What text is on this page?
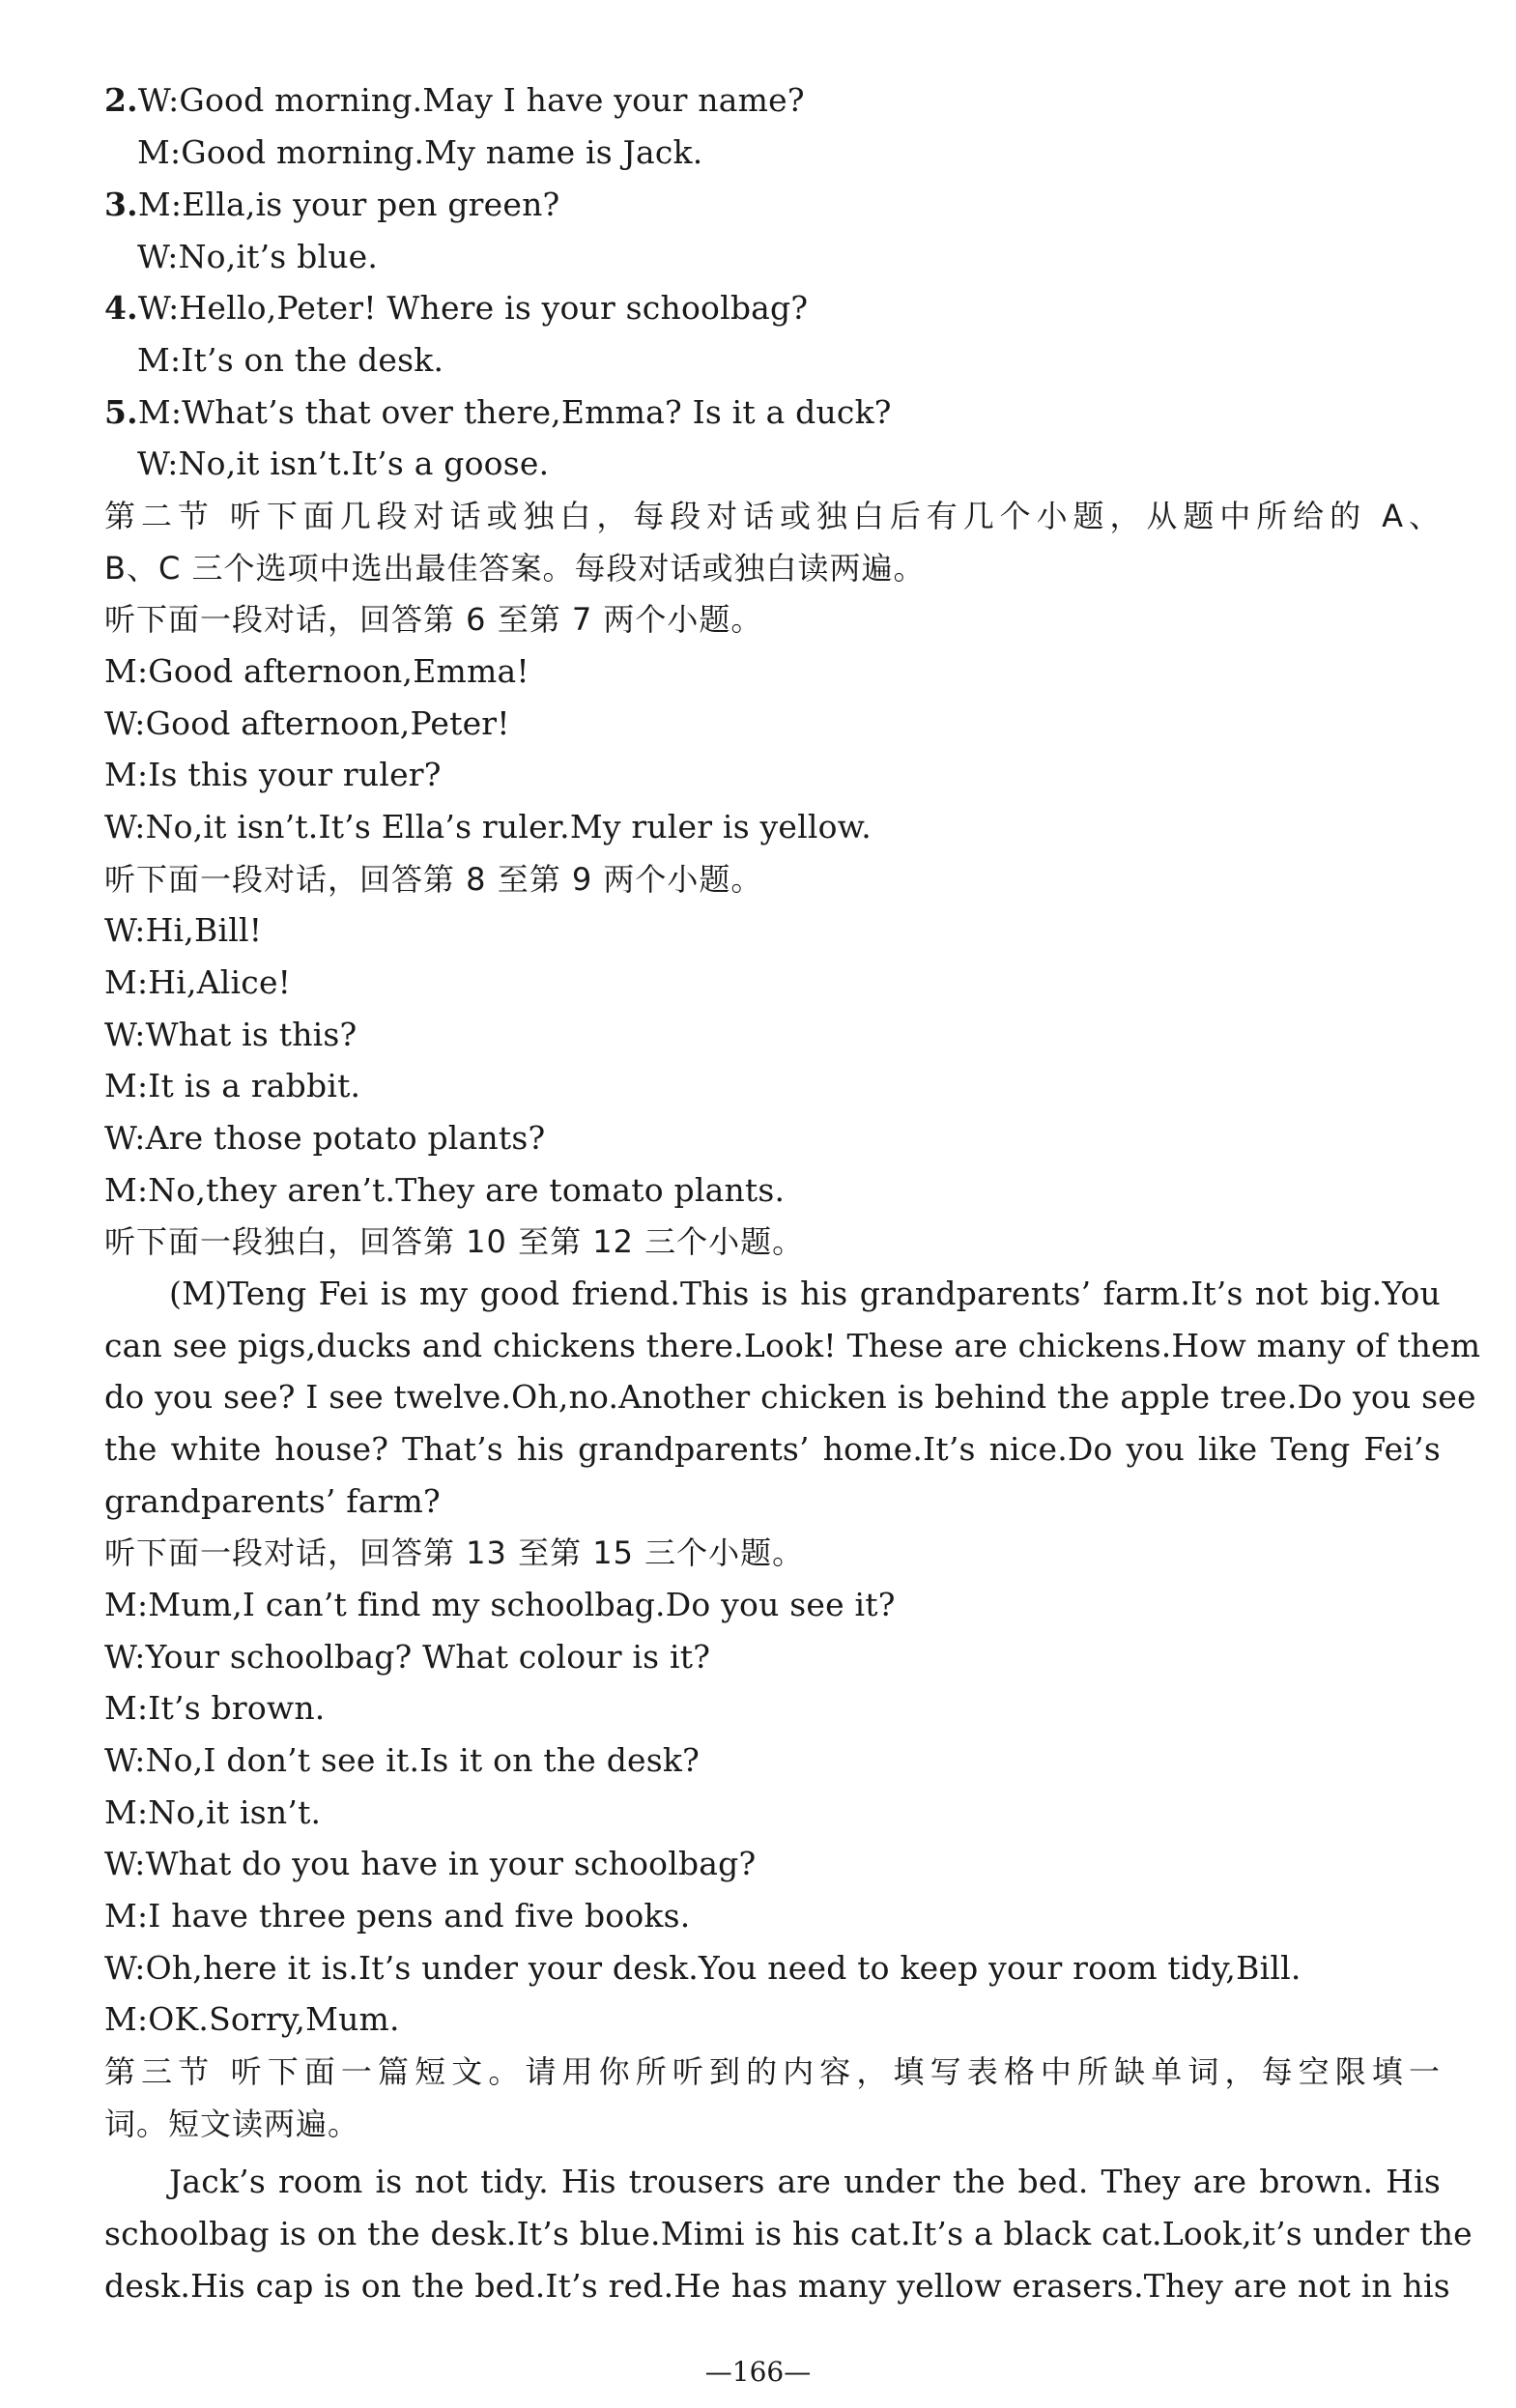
2.W:Good morning.May I have your name?
M:Good morning.My name is Jack.
3.M:Ella,is your pen green?
W:No,it’s blue.
4.W:Hello,Peter! Where is your schoolbag?
M:It’s on the desk.
5.M:What’s that over there,Emma? Is it a duck?
W:No,it isn’t.It’s a goose.
第二节 听下面几段对话或独白，每段对话或独白后有几个小题，从题中所给的 A、
B、C 三个选项中选出最佳答案。每段对话或独白读两遍。
听下面一段对话，回答第 6 至第 7 两个小题。
M:Good afternoon,Emma!
W:Good afternoon,Peter!
M:Is this your ruler?
W:No,it isn’t.It’s Ella’s ruler.My ruler is yellow.
听下面一段对话，回答第 8 至第 9 两个小题。
W:Hi,Bill!
M:Hi,Alice!
W:What is this?
M:It is a rabbit.
W:Are those potato plants?
M:No,they aren’t.They are tomato plants.
听下面一段独白，回答第 10 至第 12 三个小题。
(M)Teng Fei is my good friend.This is his grandparents’ farm.It’s not big.You
can see pigs,ducks and chickens there.Look! These are chickens.How many of them
do you see? I see twelve.Oh,no.Another chicken is behind the apple tree.Do you see
the white house? That’s his grandparents’ home.It’s nice.Do you like Teng Fei’s
grandparents’ farm?
听下面一段对话，回答第 13 至第 15 三个小题。
M:Mum,I can’t find my schoolbag.Do you see it?
W:Your schoolbag? What colour is it?
M:It’s brown.
W:No,I don’t see it.Is it on the desk?
M:No,it isn’t.
W:What do you have in your schoolbag?
M:I have three pens and five books.
W:Oh,here it is.It’s under your desk.You need to keep your room tidy,Bill.
M:OK.Sorry,Mum.
第三节 听下面一篇短文。请用你所听到的内容，填写表格中所缺单词，每空限填一
词。短文读两遍。
Jack’s room is not tidy. His trousers are under the bed. They are brown. His
schoolbag is on the desk.It’s blue.Mimi is his cat.It’s a black cat.Look,it’s under the
desk.His cap is on the bed.It’s red.He has many yellow erasers.They are not in his
—166—
